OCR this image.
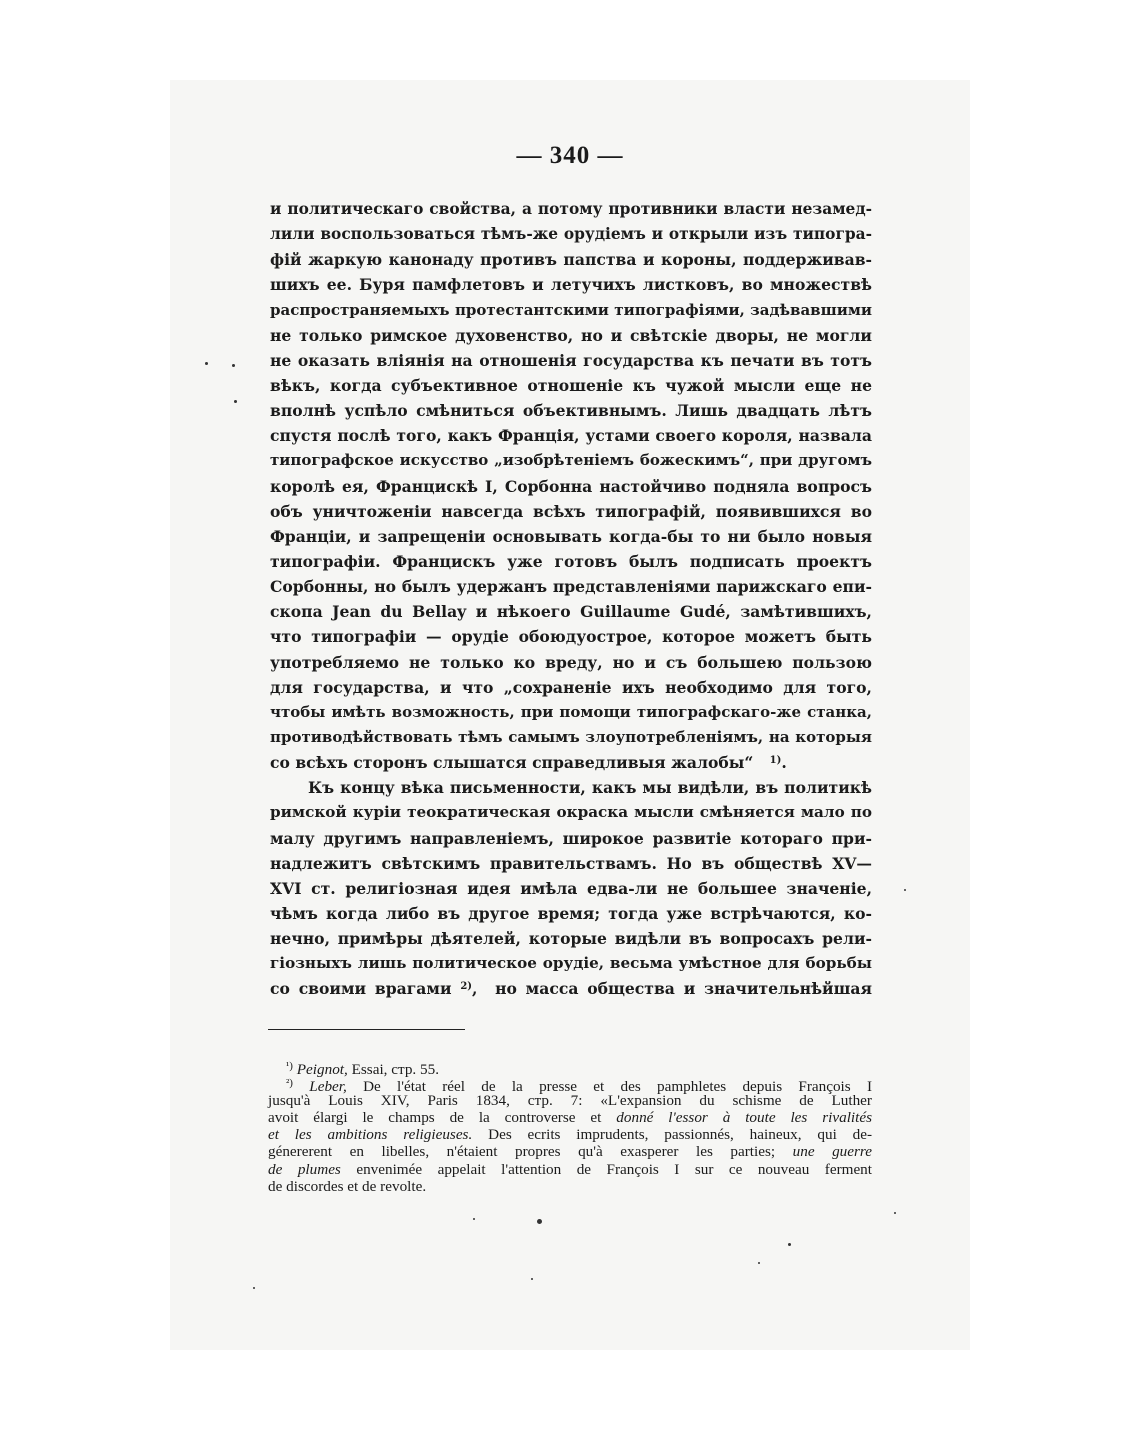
— 340 —
и политическаго свойства, а потому противники власти незамед-
лили воспользоваться тѣмъ-же орудіемъ и открыли изъ типогра-
фій жаркую канонаду противъ папства и короны, поддерживав-
шихъ ее. Буря памфлетовъ и летучихъ листковъ, во множествѣ
распространяемыхъ протестантскими типографіями, задѣвавшими
не только римское духовенство, но и свѣтскіе дворы, не могли
не оказать вліянія на отношенія государства къ печати въ тотъ
вѣкъ, когда субъективное отношеніе къ чужой мысли еще не
вполнѣ успѣло смѣниться объективнымъ. Лишь двадцать лѣтъ
спустя послѣ того, какъ Франція, устами своего короля, назвала
типографское искусство „изобрѣтеніемъ божескимъ“, при другомъ
королѣ ея, Францискѣ I, Сорбонна настойчиво подняла вопросъ
объ уничтоженіи навсегда всѣхъ типографій, появившихся во
Франціи, и запрещеніи основывать когда-бы то ни было новыя
типографіи. Францискъ уже готовъ былъ подписать проектъ
Сорбонны, но былъ удержанъ представленіями парижскаго епи-
скопа Jean du Bellay и нѣкоего Guillaume Gudé, замѣтившихъ,
что типографіи — орудіе обоюдуострое, которое можетъ быть
употребляемо не только ко вреду, но и съ большею пользою
для государства, и что „сохраненіе ихъ необходимо для того,
чтобы имѣть возможность, при помощи типографскаго-же станка,
противодѣйствовать тѣмъ самымъ злоупотребленіямъ, на которыя
со всѣхъ сторонъ слышатся справедливыя жалобы“ $^{1)}$.
Къ концу вѣка письменности, какъ мы видѣли, въ политикѣ
римской куріи теократическая окраска мысли смѣняется мало по
малу другимъ направленіемъ, широкое развитіе котораго при-
надлежитъ свѣтскимъ правительствамъ. Но въ обществѣ XV—
XVI ст. религіозная идея имѣла едва-ли не большее значеніе,
чѣмъ когда либо въ другое время; тогда уже встрѣчаются, ко-
нечно, примѣры дѣятелей, которые видѣли въ вопросахъ рели-
гіозныхъ лишь политическое орудіе, весьма умѣстное для борьбы
со своими врагами $^{2)}$,  но масса общества и значительнѣйшая
$^{^1)}$ Peignot, Essai, стр. 55.
$^{^2)}$ Leber, De l'état réel de la presse et des pamphletes depuis François I
jusqu'à Louis XIV, Paris 1834, стр. 7: «L'expansion du schisme de Luther
avoit élargi le champs de la controverse et donné l'essor à toute les rivalités
et les ambitions religieuses. Des ecrits imprudents, passionnés, haineux, qui de-
génererent en libelles, n'étaient propres qu'à exasperer les parties; une guerre
de plumes envenimée appelait l'attention de François I sur ce nouveau ferment
de discordes et de revolte.
